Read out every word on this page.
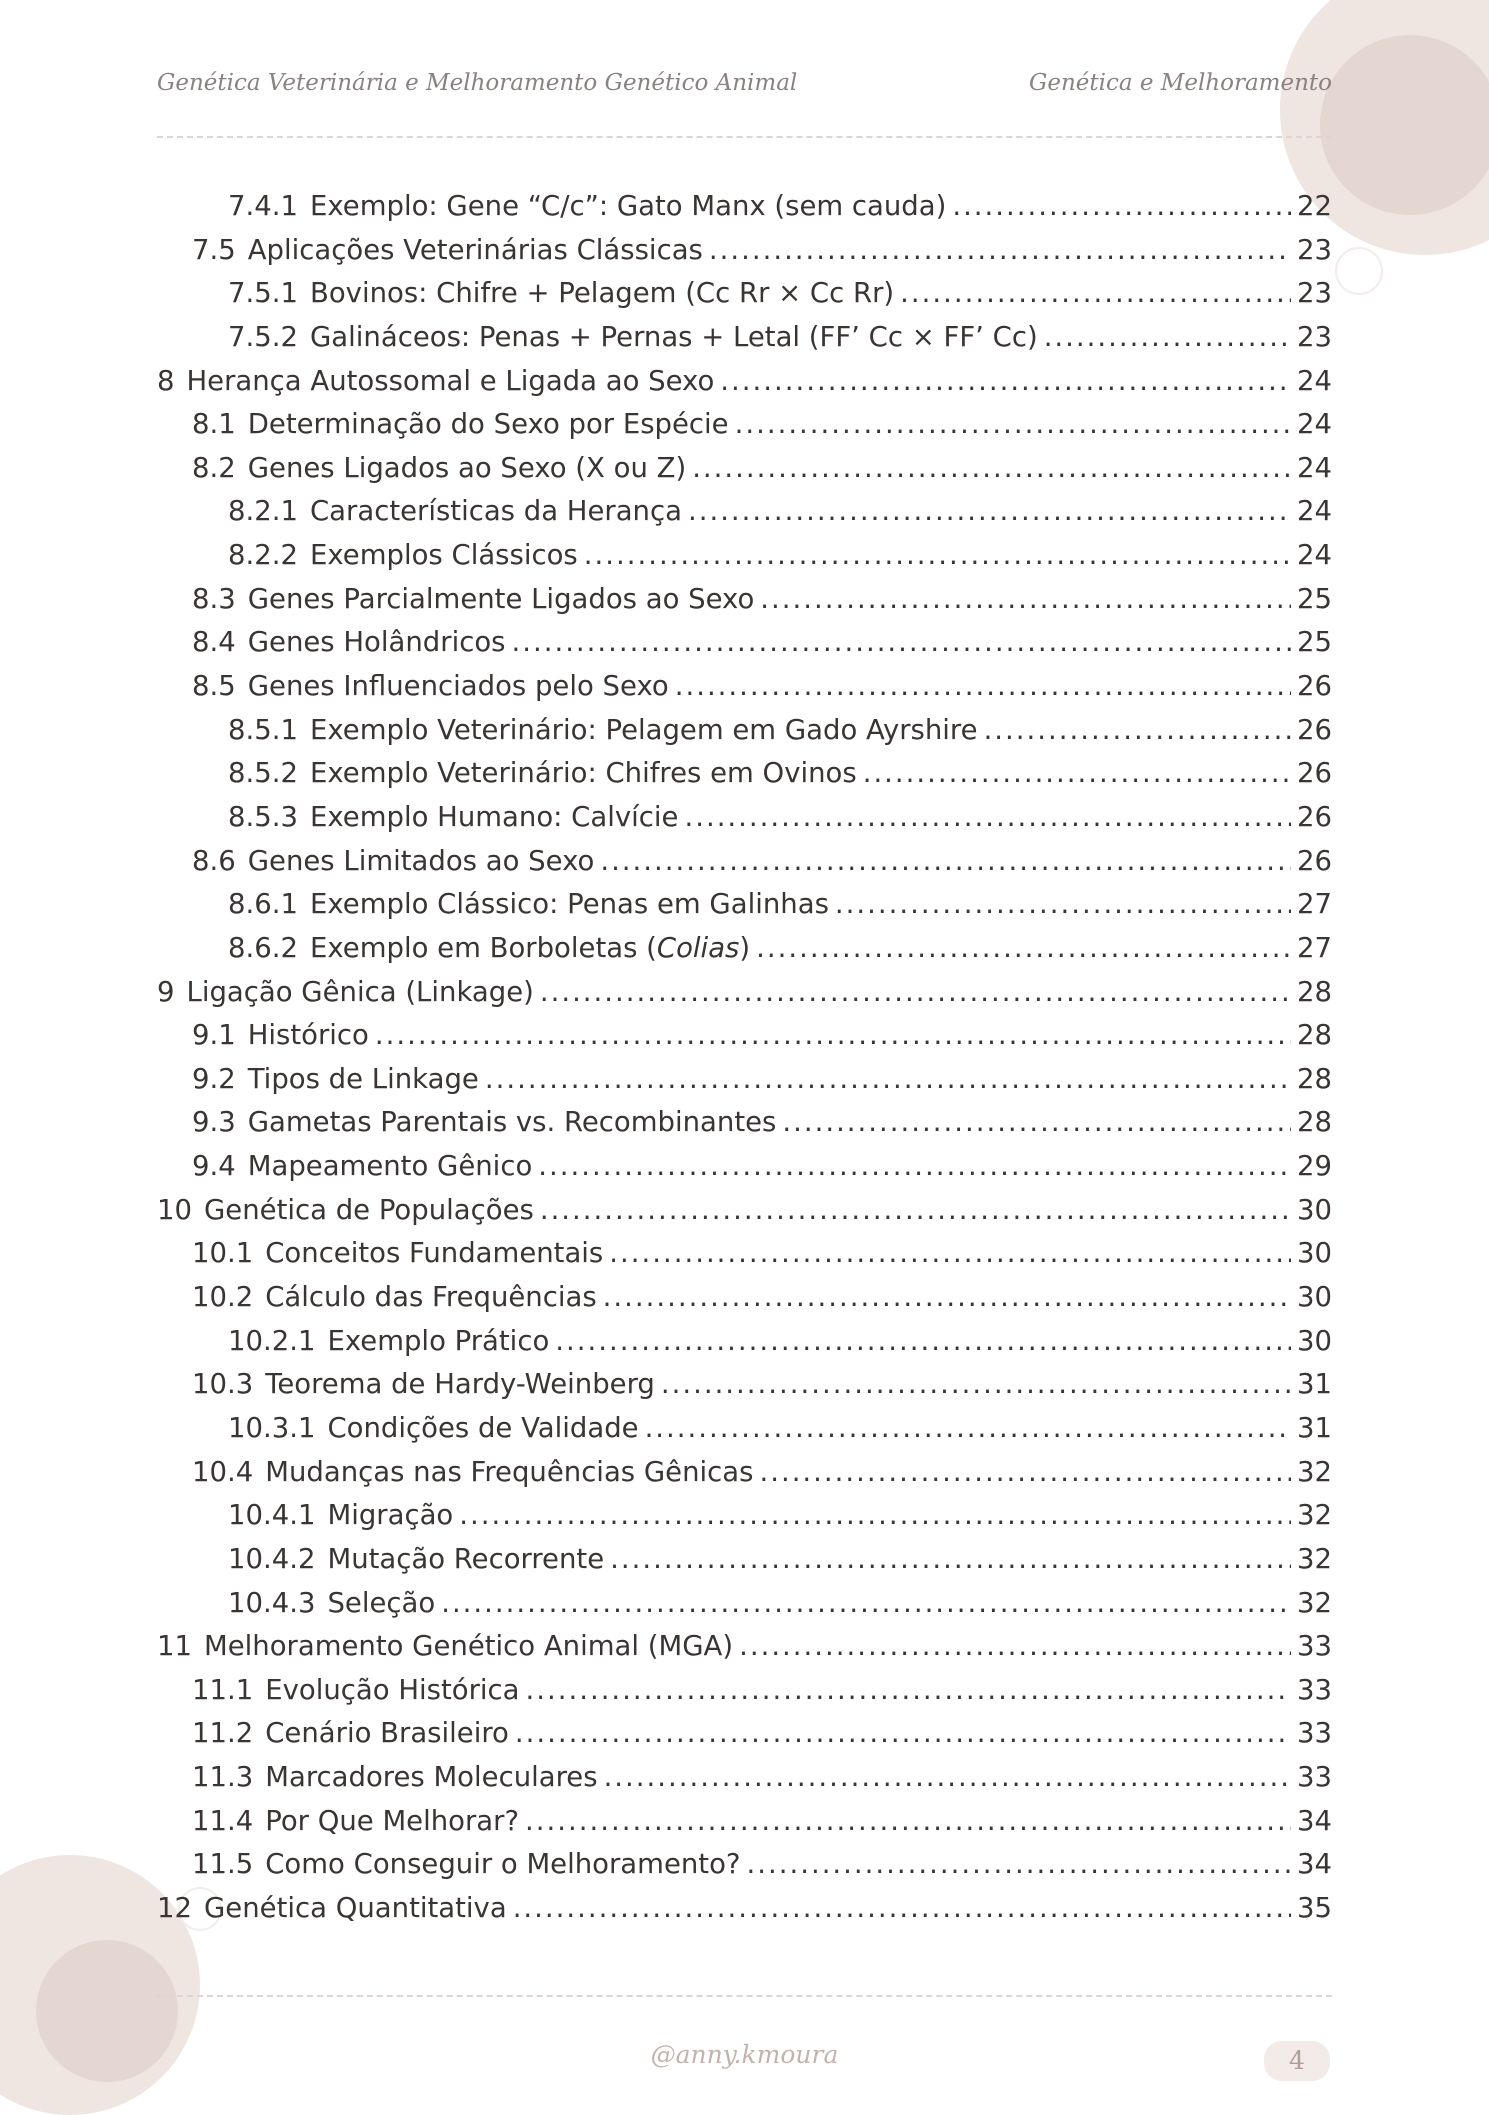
Genética Veterinária e Melhoramento Genético Animal	Genética e Melhoramento
7.4.1 Exemplo: Gene “C/c”: Gato Manx (sem cauda) .....	22
7.5 Aplicações Veterinárias Clássicas .....	23
7.5.1 Bovinos: Chifre + Pelagem (Cc Rr × Cc Rr) .....	23
7.5.2 Galináceos: Penas + Pernas + Letal (FF’ Cc × FF’ Cc) .....	23
8 Herança Autossomal e Ligada ao Sexo .....	24
8.1 Determinação do Sexo por Espécie .....	24
8.2 Genes Ligados ao Sexo (X ou Z) .....	24
8.2.1 Características da Herança .....	24
8.2.2 Exemplos Clássicos .....	24
8.3 Genes Parcialmente Ligados ao Sexo .....	25
8.4 Genes Holândricos .....	25
8.5 Genes Influenciados pelo Sexo .....	26
8.5.1 Exemplo Veterinário: Pelagem em Gado Ayrshire .....	26
8.5.2 Exemplo Veterinário: Chifres em Ovinos .....	26
8.5.3 Exemplo Humano: Calvície .....	26
8.6 Genes Limitados ao Sexo .....	26
8.6.1 Exemplo Clássico: Penas em Galinhas .....	27
8.6.2 Exemplo em Borboletas (Colias) .....	27
9 Ligação Gênica (Linkage) .....	28
9.1 Histórico .....	28
9.2 Tipos de Linkage .....	28
9.3 Gametas Parentais vs. Recombinantes .....	28
9.4 Mapeamento Gênico .....	29
10 Genética de Populações .....	30
10.1 Conceitos Fundamentais .....	30
10.2 Cálculo das Frequências .....	30
10.2.1 Exemplo Prático .....	30
10.3 Teorema de Hardy-Weinberg .....	31
10.3.1 Condições de Validade .....	31
10.4 Mudanças nas Frequências Gênicas .....	32
10.4.1 Migração .....	32
10.4.2 Mutação Recorrente .....	32
10.4.3 Seleção .....	32
11 Melhoramento Genético Animal (MGA) .....	33
11.1 Evolução Histórica .....	33
11.2 Cenário Brasileiro .....	33
11.3 Marcadores Moleculares .....	33
11.4 Por Que Melhorar? .....	34
11.5 Como Conseguir o Melhoramento? .....	34
12 Genética Quantitativa .....	35
@anny.kmoura	4
